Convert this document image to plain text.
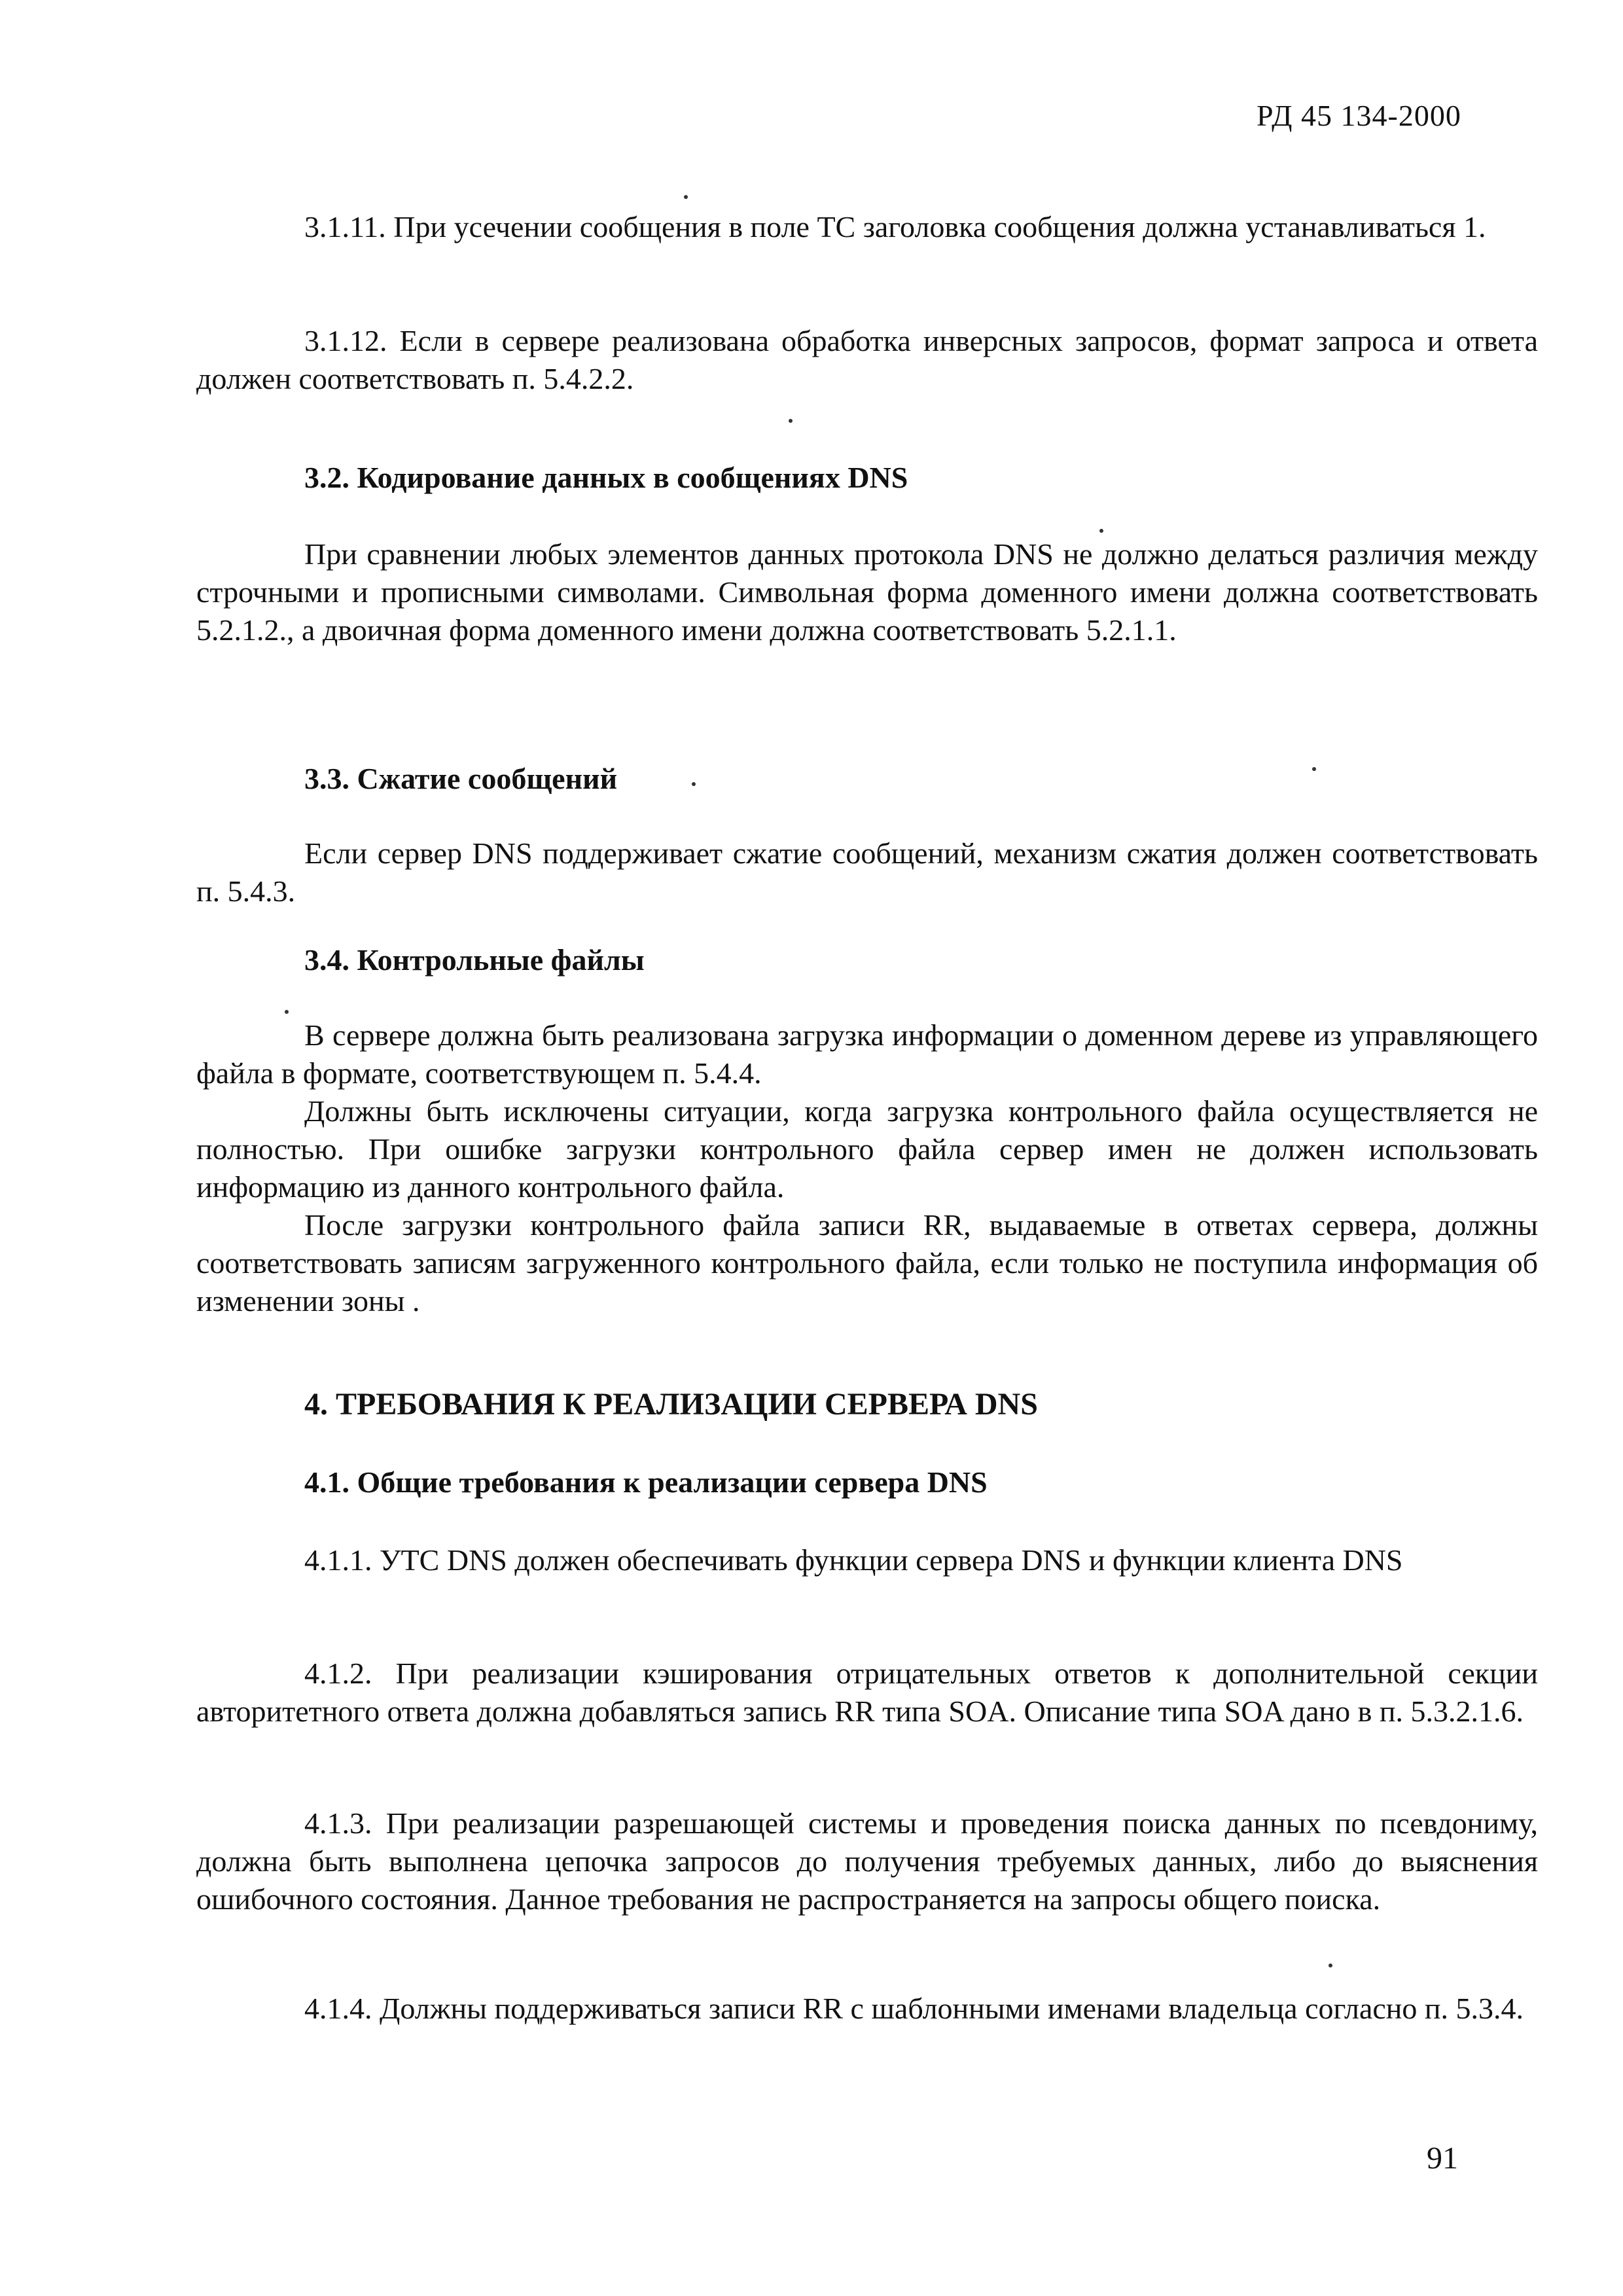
РД 45 134-2000
3.1.11. При усечении сообщения в поле ТС заголовка сообщения должна устанавливаться 1.
3.1.12. Если в сервере реализована обработка инверсных запросов, формат запроса и ответа должен соответствовать п. 5.4.2.2.
3.2. Кодирование данных в сообщениях DNS
При сравнении любых элементов данных протокола DNS не должно делаться различия между строчными и прописными символами. Символьная форма доменного имени должна соответствовать 5.2.1.2., а двоичная форма доменного имени должна соответствовать 5.2.1.1.
3.3. Сжатие сообщений
Если сервер DNS поддерживает сжатие сообщений, механизм сжатия должен соответствовать п. 5.4.3.
3.4. Контрольные файлы
В сервере должна быть реализована загрузка информации о доменном дереве из управляющего файла в формате, соответствующем п. 5.4.4.
Должны быть исключены ситуации, когда загрузка контрольного файла осуществляется не полностью. При ошибке загрузки контрольного файла сервер имен не должен использовать информацию из данного контрольного файла.
После загрузки контрольного файла записи RR, выдаваемые в ответах сервера, должны соответствовать записям загруженного контрольного файла, если только не поступила информация об изменении зоны .
4. ТРЕБОВАНИЯ К РЕАЛИЗАЦИИ СЕРВЕРА DNS
4.1. Общие требования к реализации сервера DNS
4.1.1. УТС DNS должен обеспечивать функции сервера DNS и функции клиента DNS
4.1.2. При реализации кэширования отрицательных ответов к дополнительной секции авторитетного ответа должна добавляться запись RR типа SOA. Описание типа SOA дано в п. 5.3.2.1.6.
4.1.3. При реализации разрешающей системы и проведения поиска данных по псевдониму, должна быть выполнена цепочка запросов до получения требуемых данных, либо до выяснения ошибочного состояния. Данное требования не распространяется на запросы общего поиска.
4.1.4. Должны поддерживаться записи RR с шаблонными именами владельца согласно п. 5.3.4.
91
